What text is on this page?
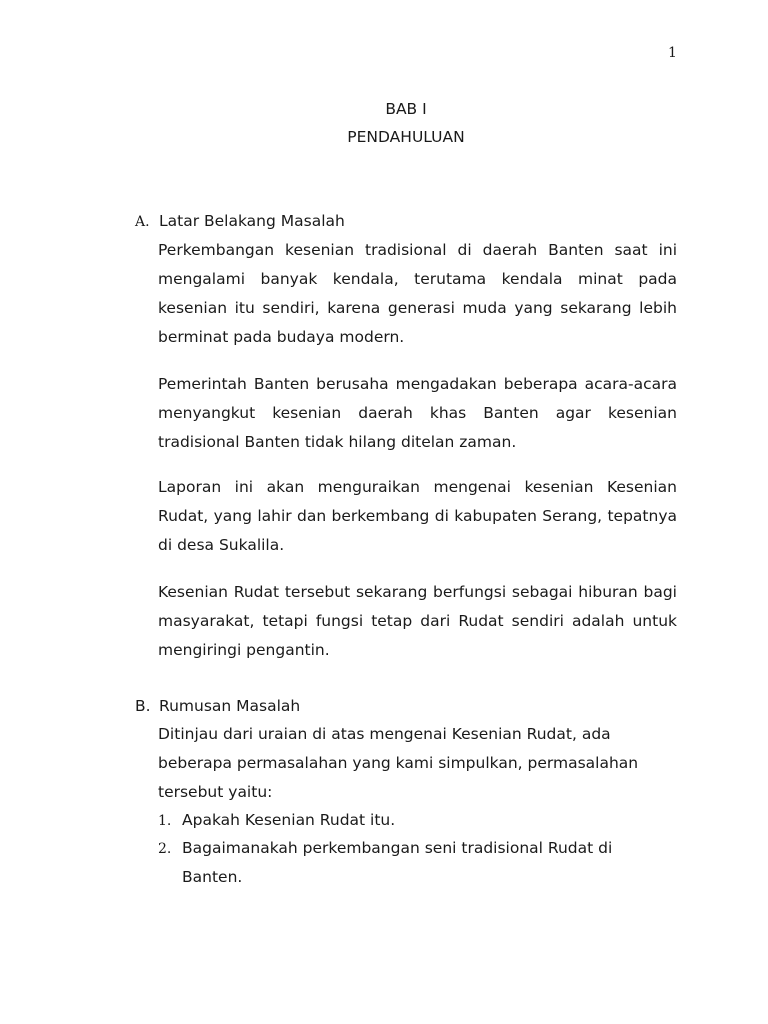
1
BAB I
PENDAHULUAN
A. Latar Belakang Masalah
Perkembangan kesenian tradisional di daerah Banten saat ini mengalami banyak kendala, terutama kendala minat pada kesenian itu sendiri, karena generasi muda yang sekarang lebih berminat pada budaya modern.
Pemerintah Banten berusaha mengadakan beberapa acara-acara menyangkut kesenian daerah khas Banten agar kesenian tradisional Banten tidak hilang ditelan zaman.
Laporan ini akan menguraikan mengenai kesenian Kesenian Rudat, yang lahir dan berkembang di kabupaten Serang, tepatnya di desa Sukalila.
Kesenian Rudat tersebut sekarang berfungsi sebagai hiburan bagi masyarakat, tetapi fungsi tetap dari Rudat sendiri adalah untuk mengiringi pengantin.
B. Rumusan Masalah
Ditinjau dari uraian di atas mengenai Kesenian Rudat, ada beberapa permasalahan yang kami simpulkan, permasalahan tersebut yaitu:
1. Apakah Kesenian Rudat itu.
2. Bagaimanakah perkembangan seni tradisional Rudat di Banten.
